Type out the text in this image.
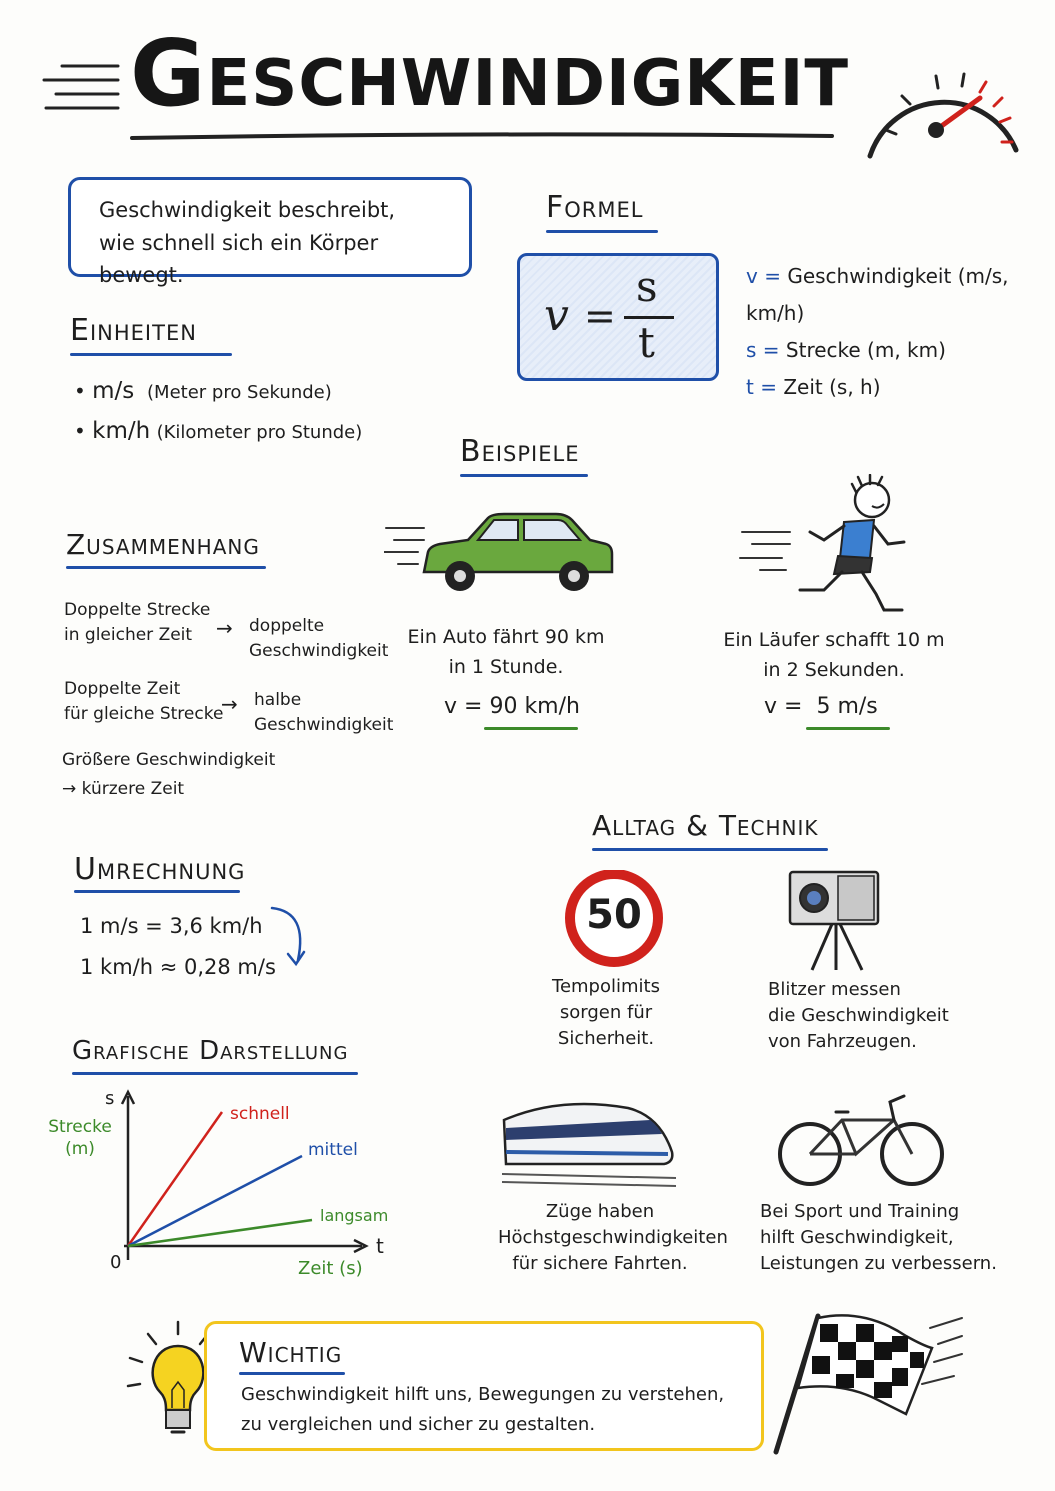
Geschwindigkeit
Geschwindigkeit beschreibt,
wie schnell sich ein Körper bewegt.
Formel
v =
s
t
v = Geschwindigkeit (m/s, km/h)
s = Strecke (m, km)
t = Zeit (s, h)
Einheiten
• m/s (Meter pro Sekunde)
• km/h (Kilometer pro Stunde)
Beispiele
Ein Auto fährt 90 km
in 1 Stunde.
v = 90 km/h
Ein Läufer schafft 10 m
in 2 Sekunden.
v = 5 m/s
Zusammenhang
Doppelte Strecke
in gleicher Zeit	→ doppelte
Geschwindigkeit
Doppelte Zeit
für gleiche Strecke
→ halbe
Geschwindigkeit
Größere Geschwindigkeit
→ kürzere Zeit
Umrechnung
1 m/s = 3,6 km/h
1 km/h ≈ 0,28 m/s
Grafische Darstellung
s
t
Strecke
(m)
0	Zeit (s)
schnell
mittel
langsam
Alltag & Technik
50
Tempolimits
sorgen für
Sicherheit.
Blitzer messen
die Geschwindigkeit
von Fahrzeugen.
Züge haben
Höchstgeschwindigkeiten
für sichere Fahrten.
Bei Sport und Training
hilft Geschwindigkeit,
Leistungen zu verbessern.
Wichtig
Geschwindigkeit hilft uns, Bewegungen zu verstehen,
zu vergleichen und sicher zu gestalten.
